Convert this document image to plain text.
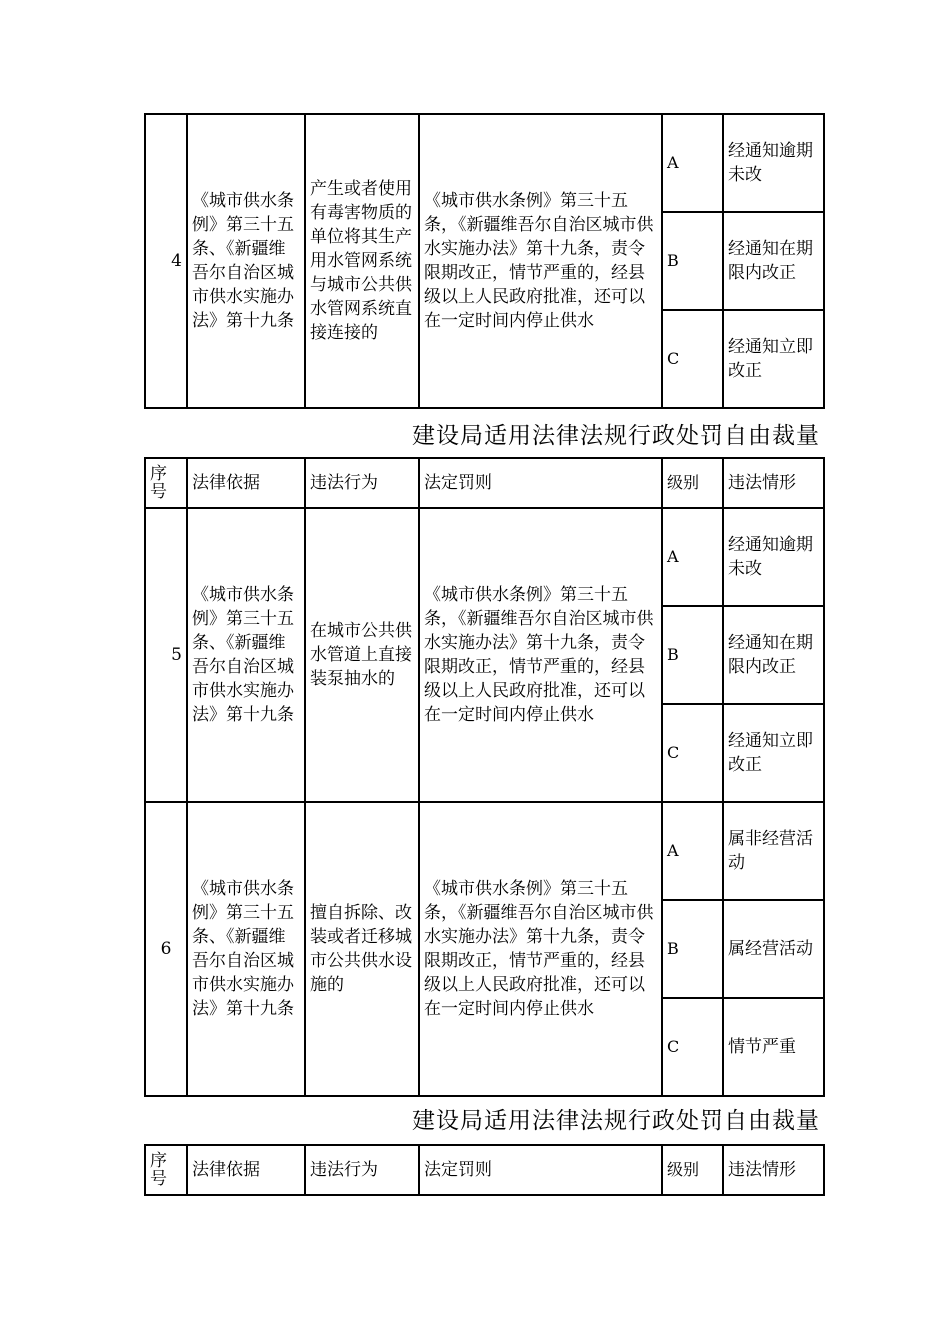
4	《城市供水条例》第三十五条、《新疆维吾尔自治区城市供水实施办法》第十九条	产生或者使用有毒害物质的单位将其生产用水管网系统与城市公共供水管网系统直接连接的	《城市供水条例》第三十五条，《新疆维吾尔自治区城市供水实施办法》第十九条，责令限期改正，情节严重的，经县级以上人民政府批准，还可以在一定时间内停止供水	A	经通知逾期未改
				B	经通知在期限内改正
				C	经通知立即改正
建设局适用法律法规行政处罚自由裁量
序号	法律依据	违法行为	法定罚则	级别	违法情形
5	《城市供水条例》第三十五条、《新疆维吾尔自治区城市供水实施办法》第十九条	在城市公共供水管道上直接装泵抽水的	《城市供水条例》第三十五条，《新疆维吾尔自治区城市供水实施办法》第十九条，责令限期改正，情节严重的，经县级以上人民政府批准，还可以在一定时间内停止供水	A	经通知逾期未改
				B	经通知在期限内改正
				C	经通知立即改正
6	《城市供水条例》第三十五条、《新疆维吾尔自治区城市供水实施办法》第十九条	擅自拆除、改装或者迁移城市公共供水设施的	《城市供水条例》第三十五条，《新疆维吾尔自治区城市供水实施办法》第十九条，责令限期改正，情节严重的，经县级以上人民政府批准，还可以在一定时间内停止供水	A	属非经营活动
				B	属经营活动
				C	情节严重
建设局适用法律法规行政处罚自由裁量
序号	法律依据	违法行为	法定罚则	级别	违法情形
